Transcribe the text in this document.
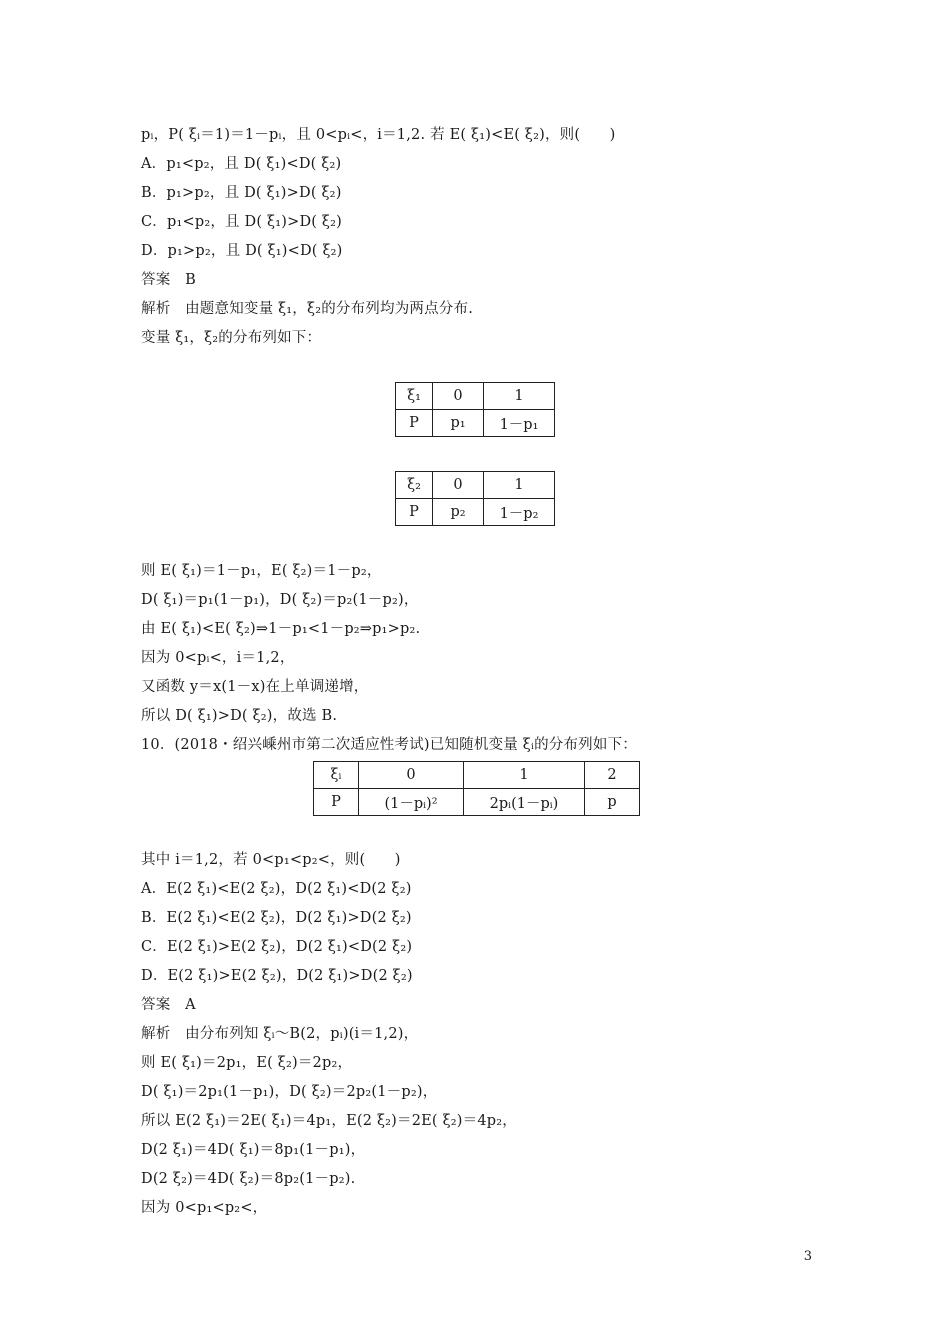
pᵢ，P( ξᵢ＝1)＝1－pᵢ，且 0<pᵢ<，i＝1,2. 若 E( ξ₁)<E( ξ₂)，则(　　)
A．p₁<p₂，且 D( ξ₁)<D( ξ₂)
B．p₁>p₂，且 D( ξ₁)>D( ξ₂)
C．p₁<p₂，且 D( ξ₁)>D( ξ₂)
D．p₁>p₂，且 D( ξ₁)<D( ξ₂)
答案　B
解析　由题意知变量 ξ₁，ξ₂的分布列均为两点分布.
变量 ξ₁，ξ₂的分布列如下：
ξ₁	0	1
P	p₁	1－p₁
ξ₂	0	1
P	p₂	1－p₂
则 E( ξ₁)＝1－p₁，E( ξ₂)＝1－p₂，
D( ξ₁)＝p₁(1－p₁)，D( ξ₂)＝p₂(1－p₂)，
由 E( ξ₁)<E( ξ₂)⇒1－p₁<1－p₂⇒p₁>p₂.
因为 0<pᵢ<，i＝1,2，
又函数 y＝x(1－x)在上单调递增，
所以 D( ξ₁)>D( ξ₂)，故选 B.
10．(2018・绍兴嵊州市第二次适应性考试)已知随机变量 ξᵢ的分布列如下：
ξᵢ	0	1	2
P	(1－pᵢ)²	2pᵢ(1－pᵢ)	p
其中 i＝1,2，若 0<p₁<p₂<，则(　　)
A．E(2 ξ₁)<E(2 ξ₂)，D(2 ξ₁)<D(2 ξ₂)
B．E(2 ξ₁)<E(2 ξ₂)，D(2 ξ₁)>D(2 ξ₂)
C．E(2 ξ₁)>E(2 ξ₂)，D(2 ξ₁)<D(2 ξ₂)
D．E(2 ξ₁)>E(2 ξ₂)，D(2 ξ₁)>D(2 ξ₂)
答案　A
解析　由分布列知 ξᵢ～B(2，pᵢ)(i＝1,2)，
则 E( ξ₁)＝2p₁，E( ξ₂)＝2p₂，
D( ξ₁)＝2p₁(1－p₁)，D( ξ₂)＝2p₂(1－p₂)，
所以 E(2 ξ₁)＝2E( ξ₁)＝4p₁，E(2 ξ₂)＝2E( ξ₂)＝4p₂，
D(2 ξ₁)＝4D( ξ₁)＝8p₁(1－p₁)，
D(2 ξ₂)＝4D( ξ₂)＝8p₂(1－p₂).
因为 0<p₁<p₂<，
3
